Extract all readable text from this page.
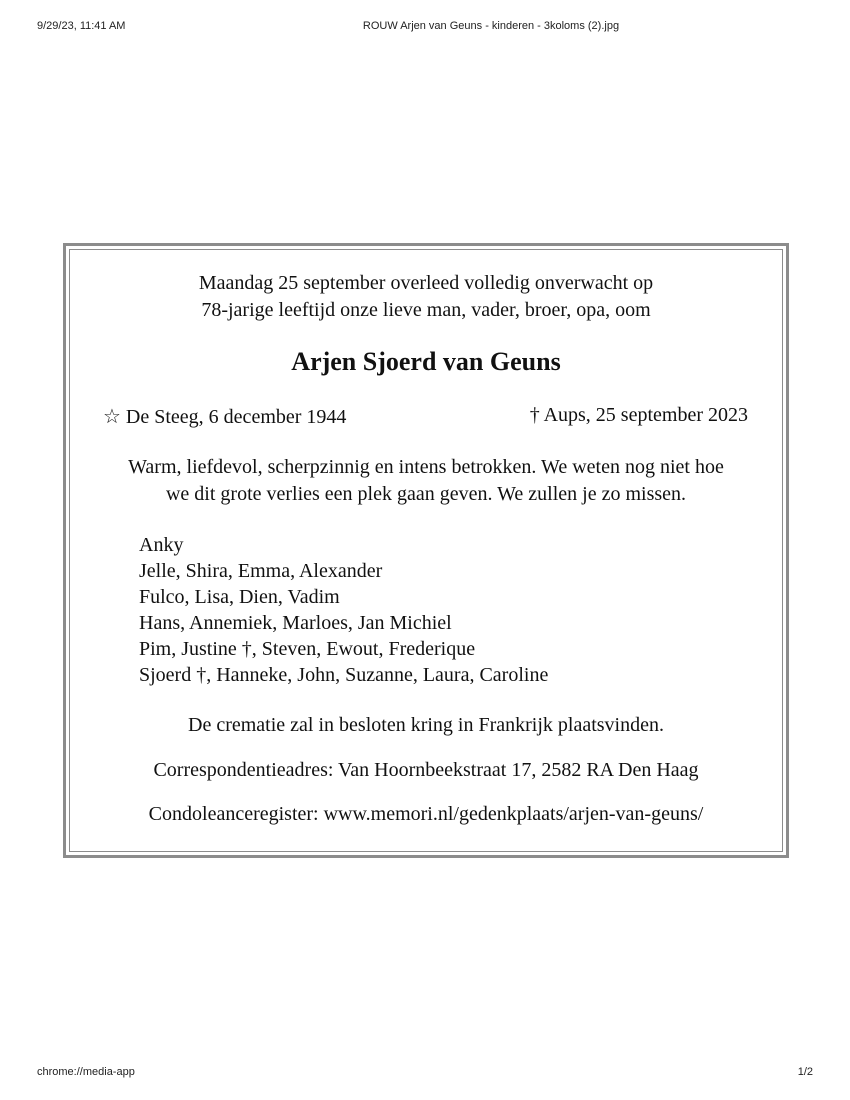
9/29/23, 11:41 AM	ROUW Arjen van Geuns - kinderen - 3koloms (2).jpg
Maandag 25 september overleed volledig onverwacht op
78-jarige leeftijd onze lieve man, vader, broer, opa, oom
Arjen Sjoerd van Geuns
☆ De Steeg, 6 december 1944	† Aups, 25 september 2023
Warm, liefdevol, scherpzinnig en intens betrokken. We weten nog niet hoe
we dit grote verlies een plek gaan geven. We zullen je zo missen.
Anky
Jelle, Shira, Emma, Alexander
Fulco, Lisa, Dien, Vadim
Hans, Annemiek, Marloes, Jan Michiel
Pim, Justine †, Steven, Ewout, Frederique
Sjoerd †, Hanneke, John, Suzanne, Laura, Caroline
De crematie zal in besloten kring in Frankrijk plaatsvinden.
Correspondentieadres: Van Hoornbeekstraat 17, 2582 RA Den Haag
Condoleanceregister: www.memori.nl/gedenkplaats/arjen-van-geuns/
chrome://media-app	1/2
